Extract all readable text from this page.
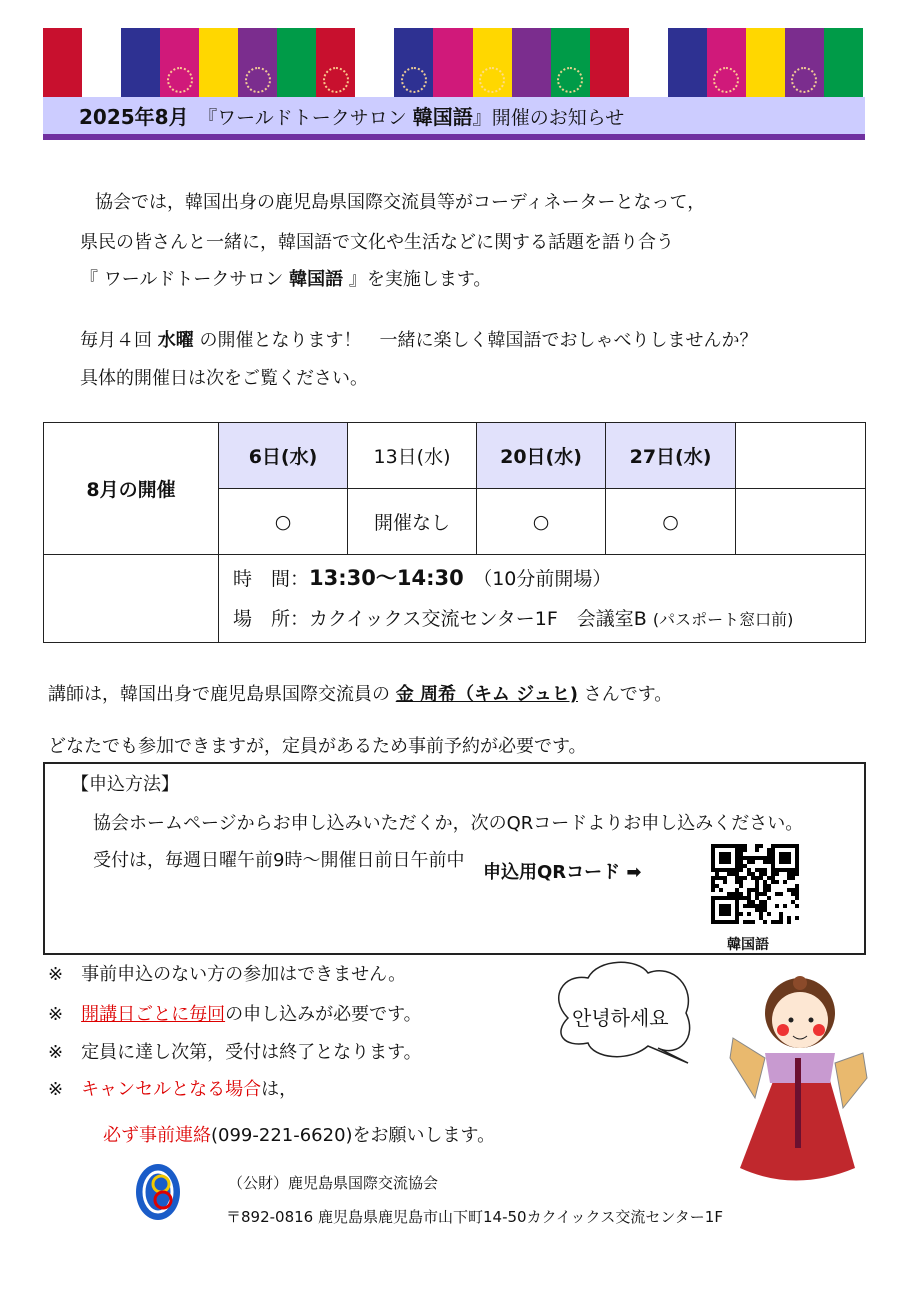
2025年8月　 『ワールドトークサロン 韓国語』開催のお知らせ
協会では，韓国出身の鹿児島県国際交流員等がコーディネーターとなって，
県民の皆さんと一緒に，韓国語で文化や生活などに関する話題を語り合う
『 ワールドトークサロン 韓国語 』を実施します。
毎月４回 水曜 の開催となります！　一緒に楽しく韓国語でおしゃべりしませんか？
具体的開催日は次をご覧ください。
8月の開催	6日(水)	13日(水)	20日(水)	27日(水)	
	○	開催なし	○	○	

	時　間：13:30〜14:30　（10分前開場）
場　所：カクイックス交流センター1F　会議室B (パスポート窓口前)				
講師は，韓国出身で鹿児島県国際交流員の 金 周希（キム ジュヒ) さんです。
どなたでも参加できますが，定員があるため事前予約が必要です。
【申込方法】
協会ホームページからお申し込みいただくか，次のQRコードよりお申し込みください。
受付は，毎週日曜午前9時～開催日前日午前中
申込用QRコード ➡
韓国語
※　 事前申込のない方の参加はできません。
※　 開講日ごとに毎回の申し込みが必要です。
※　 定員に達し次第，受付は終了となります。
※　 キャンセルとなる場合は，
必ず事前連絡(099-221-6620)をお願いします。
안녕하세요
（公財）鹿児島県国際交流協会
〒892-0816 鹿児島県鹿児島市山下町14-50カクイックス交流センター1F
